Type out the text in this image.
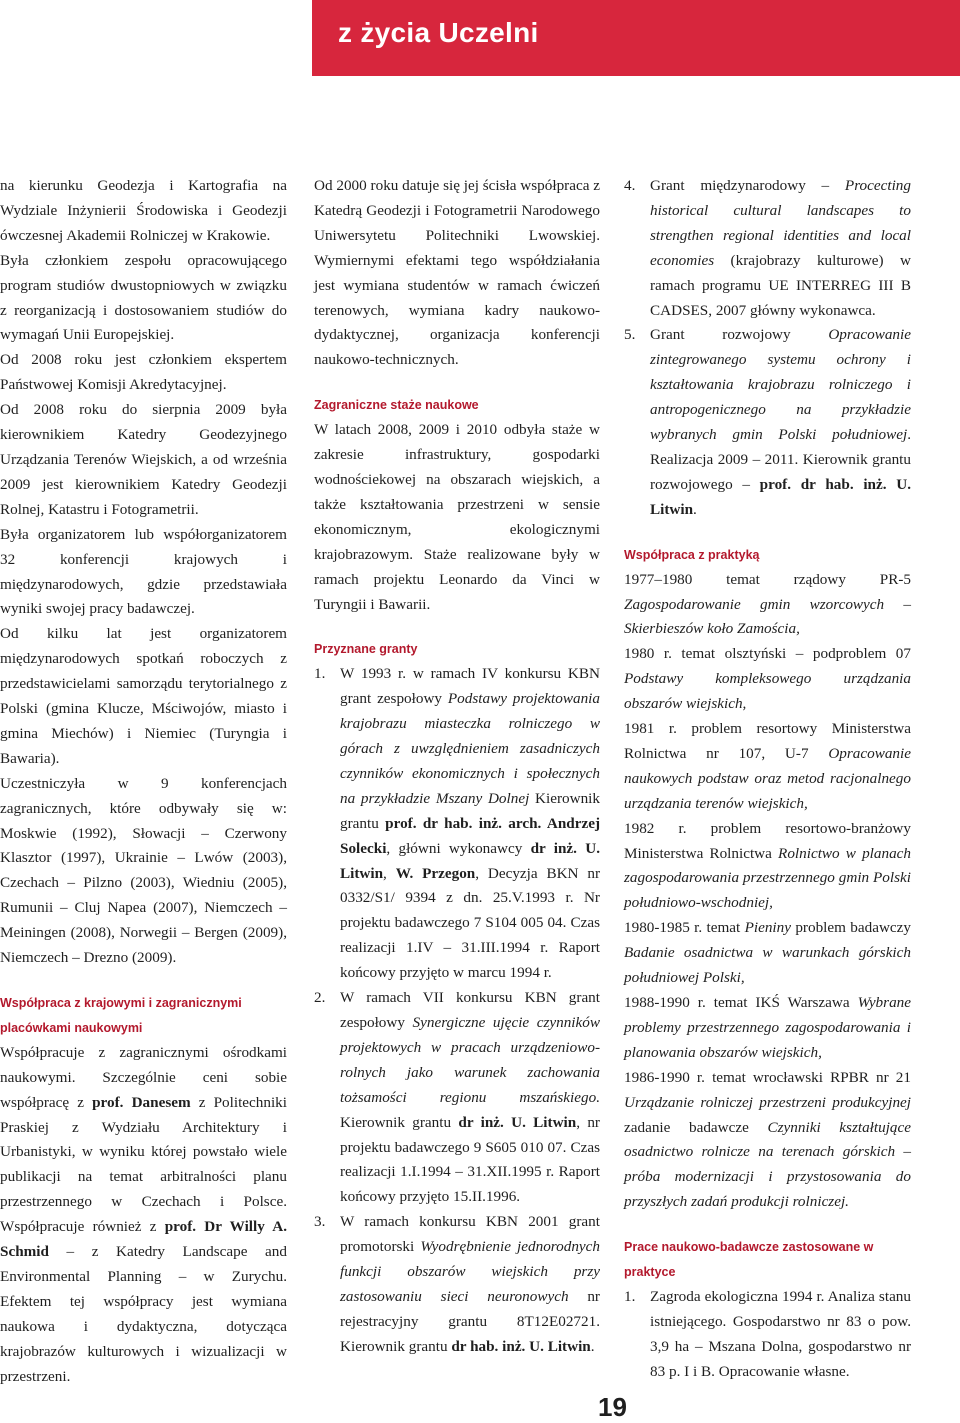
z życia Uczelni

na kierunku Geodezja i Kartografia na Wydziale Inżynierii Środowiska i Geodezji ówczesnej Akademii Rolniczej w Krakowie.

Była członkiem zespołu opracowującego program studiów dwustopniowych w związku z reorganizacją i dostosowaniem studiów do wymagań Unii Europejskiej.

Od 2008 roku jest członkiem ekspertem Państwowej Komisji Akredytacyjnej.

Od 2008 roku do sierpnia 2009 była kierownikiem Katedry Geodezyjnego Urządzania Terenów Wiejskich, a od września 2009 jest kierownikiem Katedry Geodezji Rolnej, Katastru i Fotogrametrii.

Była organizatorem lub współorganizatorem 32 konferencji krajowych i międzynarodowych, gdzie przedstawiała wyniki swojej pracy badawczej.

Od kilku lat jest organizatorem międzynarodowych spotkań roboczych z przedstawicielami samorządu terytorialnego z Polski (gmina Klucze, Mściwojów, miasto i gmina Miechów) i Niemiec (Turyngia i Bawaria).

Uczestniczyła w 9 konferencjach zagranicznych, które odbywały się w: Moskwie (1992), Słowacji – Czerwony Klasztor (1997), Ukrainie – Lwów (2003), Czechach – Pilzno (2003), Wiedniu (2005), Rumunii – Cluj Napea (2007), Niemczech – Meiningen (2008), Norwegii – Bergen (2009), Niemczech – Drezno (2009).

Współpraca z krajowymi i zagranicznymi placówkami naukowymi

Współpracuje z zagranicznymi ośrodkami naukowymi. Szczególnie ceni sobie współpracę z prof. Danesem z Politechniki Praskiej z Wydziału Architektury i Urbanistyki, w wyniku której powstało wiele publikacji na temat arbitralności planu przestrzennego w Czechach i Polsce. Współpracuje również z prof. Dr Willy A. Schmid – z Katedry Landscape and Environmental Planning – w Zurychu. Efektem tej współpracy jest wymiana naukowa i dydaktyczna, dotycząca krajobrazów kulturowych i wizualizacji w przestrzeni.

Od 2000 roku datuje się jej ścisła współpraca z Katedrą Geodezji i Fotogrametrii Narodowego Uniwersytetu Politechniki Lwowskiej. Wymiernymi efektami tego współdziałania jest wymiana studentów w ramach ćwiczeń terenowych, wymiana kadry naukowo-dydaktycznej, organizacja konferencji naukowo-technicznych.

Zagraniczne staże naukowe

W latach 2008, 2009 i 2010 odbyła staże w zakresie infrastruktury, gospodarki wodnościekowej na obszarach wiejskich, a także kształtowania przestrzeni w sensie ekonomicznym, ekologicznymi krajobrazowym. Staże realizowane były w ramach projektu Leonardo da Vinci w Turyngii i Bawarii.

Przyznane granty
1. W 1993 r. w ramach IV konkursu KBN grant zespołowy Podstawy projektowania krajobrazu miasteczka rolniczego w górach z uwzględnieniem zasadniczych czynników ekonomicznych i społecznych na przykładzie Mszany Dolnej Kierownik grantu prof. dr hab. inż. arch. Andrzej Solecki, główni wykonawcy dr inż. U. Litwin, W. Przegon, Decyzja BKN nr 0332/S1/ 9394 z dn. 25.V.1993 r. Nr projektu badawczego 7 S104 005 04. Czas realizacji 1.IV – 31.III.1994 r. Raport końcowy przyjęto w marcu 1994 r.
2. W ramach VII konkursu KBN grant zespołowy Synergiczne ujęcie czynników projektowych w pracach urządzenioworolnych jako warunek zachowania tożsamości regionu mszańskiego. Kierownik grantu dr inż. U. Litwin, nr projektu badawczego 9 S605 010 07. Czas realizacji 1.I.1994 – 31.XII.1995 r. Raport końcowy przyjęto 15.II.1996.
3. W ramach konkursu KBN 2001 grant promotorski Wyodrębnienie jednorodnych funkcji obszarów wiejskich przy zastosowaniu sieci neuronowych nr rejestracyjny grantu 8T12E02721. Kierownik grantu dr hab. inż. U. Litwin.
4. Grant międzynarodowy – Procecting historical cultural landscapes to strengthen regional identities and local economies (krajobrazy kulturowe) w ramach programu UE INTERREG III B CADSES, 2007 główny wykonawca.
5. Grant rozwojowy Opracowanie zintegrowanego systemu ochrony i kształtowania krajobrazu rolniczego i antropogenicznego na przykładzie wybranych gmin Polski południowej. Realizacja 2009 – 2011. Kierownik grantu rozwojowego – prof. dr hab. inż. U. Litwin.
Współpraca z praktyką

1977–1980 temat rządowy PR-5 Zagospodarowanie gmin wzorcowych – Skierbieszów koło Zamościa,

1980 r. temat olsztyński – podproblem 07 Podstawy kompleksowego urządzania obszarów wiejskich,

1981 r. problem resortowy Ministerstwa Rolnictwa nr 107, U-7 Opracowanie naukowych podstaw oraz metod racjonalnego urządzania terenów wiejskich,

1982 r. problem resortowo-branżowy Ministerstwa Rolnictwa Rolnictwo w planach zagospodarowania przestrzennego gmin Polski południowo-wschodniej,

1980-1985 r. temat Pieniny problem badawczy Badanie osadnictwa w warunkach górskich południowej Polski,

1988-1990 r. temat IKŚ Warszawa Wybrane problemy przestrzennego zagospodarowania i planowania obszarów wiejskich,

1986-1990 r. temat wrocławski RPBR nr 21 Urządzanie rolniczej przestrzeni produkcyjnej zadanie badawcze Czynniki kształtujące osadnictwo rolnicze na terenach górskich – próba modernizacji i przystosowania do przyszłych zadań produkcji rolniczej.

Prace naukowo-badawcze zastosowane w praktyce
1. Zagroda ekologiczna 1994 r. Analiza stanu istniejącego. Gospodarstwo nr 83 o pow. 3,9 ha – Mszana Dolna, gospodarstwo nr 83 p. I i B. Opracowanie własne.
19
